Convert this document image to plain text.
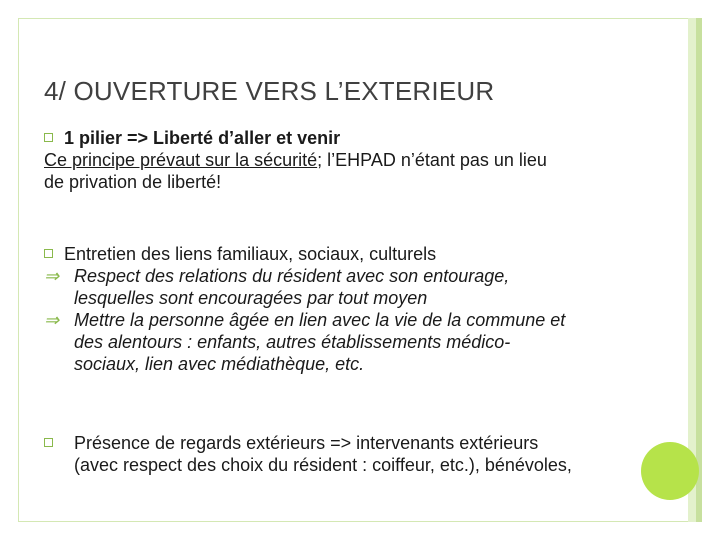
4/ OUVERTURE VERS L’EXTERIEUR
1 pilier => Liberté d’aller et venir
Ce principe prévaut sur la sécurité; l’EHPAD n’étant pas un lieu
de privation de liberté!
Entretien des liens familiaux, sociaux, culturels
⇒ Respect des relations du résident avec son entourage,
lesquelles sont encouragées par tout moyen
⇒ Mettre la personne âgée en lien avec la vie de la commune et
des alentours : enfants, autres établissements médico-
sociaux, lien avec médiathèque, etc.
Présence de regards extérieurs => intervenants extérieurs
(avec respect des choix du résident : coiffeur, etc.), bénévoles,
